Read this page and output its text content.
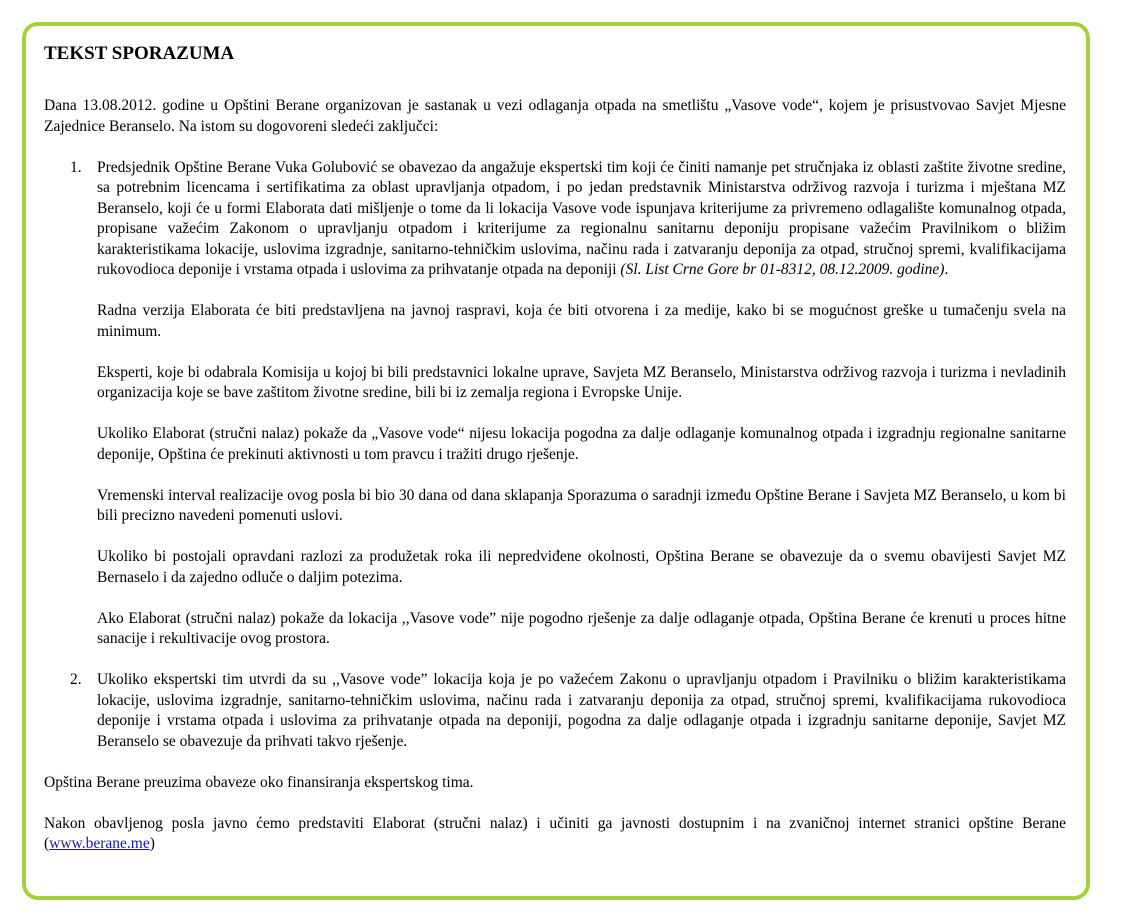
TEKST SPORAZUMA

Dana 13.08.2012. godine u Opštini Berane organizovan je sastanak u vezi odlaganja otpada na smetlištu „Vasove vode“, kojem je prisustvovao Savjet Mjesne Zajednice Beranselo. Na istom su dogovoreni sledeći zaključci:

1. Predsjednik Opštine Berane Vuka Golubović se obavezao da angažuje ekspertski tim koji će činiti namanje pet stručnjaka iz oblasti zaštite životne sredine, sa potrebnim licencama i sertifikatima za oblast upravljanja otpadom, i po jedan predstavnik Ministarstva održivog razvoja i turizma i mještana MZ Beranselo, koji će u formi Elaborata dati mišljenje o tome da li lokacija Vasove vode ispunjava kriterijume za privremeno odlagalište komunalnog otpada, propisane važećim Zakonom o upravljanju otpadom i kriterijume za regionalnu sanitarnu deponiju propisane važećim Pravilnikom o bližim karakteristikama lokacije, uslovima izgradnje, sanitarno-tehničkim uslovima, načinu rada i zatvaranju deponija za otpad, stručnoj spremi, kvalifikacijama rukovodioca deponije i vrstama otpada i uslovima za prihvatanje otpada na deponiji (Sl. List Crne Gore br 01-8312, 08.12.2009. godine).

Radna verzija Elaborata će biti predstavljena na javnoj raspravi, koja će biti otvorena i za medije, kako bi se mogućnost greške u tumačenju svela na minimum.

Eksperti, koje bi odabrala Komisija u kojoj bi bili predstavnici lokalne uprave, Savjeta MZ Beranselo, Ministarstva održivog razvoja i turizma i nevladinih organizacija koje se bave zaštitom životne sredine, bili bi iz zemalja regiona i Evropske Unije.

Ukoliko Elaborat (stručni nalaz) pokaže da „Vasove vode“ nijesu lokacija pogodna za dalje odlaganje komunalnog otpada i izgradnju regionalne sanitarne deponije, Opština će prekinuti aktivnosti u tom pravcu i tražiti drugo rješenje.

Vremenski interval realizacije ovog posla bi bio 30 dana od dana sklapanja Sporazuma o saradnji između Opštine Berane i Savjeta MZ Beranselo, u kom bi bili precizno navedeni pomenuti uslovi.

Ukoliko bi postojali opravdani razlozi za produžetak roka ili nepredviđene okolnosti, Opština Berane se obavezuje da o svemu obavijesti Savjet MZ Bernaselo i da zajedno odluče o daljim potezima.

Ako Elaborat (stručni nalaz) pokaže da lokacija ,,Vasove vode” nije pogodno rješenje za dalje odlaganje otpada, Opština Berane će krenuti u proces hitne sanacije i rekultivacije ovog prostora.

2. Ukoliko ekspertski tim utvrdi da su ,,Vasove vode” lokacija koja je po važećem Zakonu o upravljanju otpadom i Pravilniku o bližim karakteristikama lokacije, uslovima izgradnje, sanitarno-tehničkim uslovima, načinu rada i zatvaranju deponija za otpad, stručnoj spremi, kvalifikacijama rukovodioca deponije i vrstama otpada i uslovima za prihvatanje otpada na deponiji, pogodna za dalje odlaganje otpada i izgradnju sanitarne deponije, Savjet MZ Beranselo se obavezuje da prihvati takvo rješenje.

Opština Berane preuzima obaveze oko finansiranja ekspertskog tima.

Nakon obavljenog posla javno ćemo predstaviti Elaborat (stručni nalaz) i učiniti ga javnosti dostupnim i na zvaničnoj internet stranici opštine Berane (www.berane.me)
